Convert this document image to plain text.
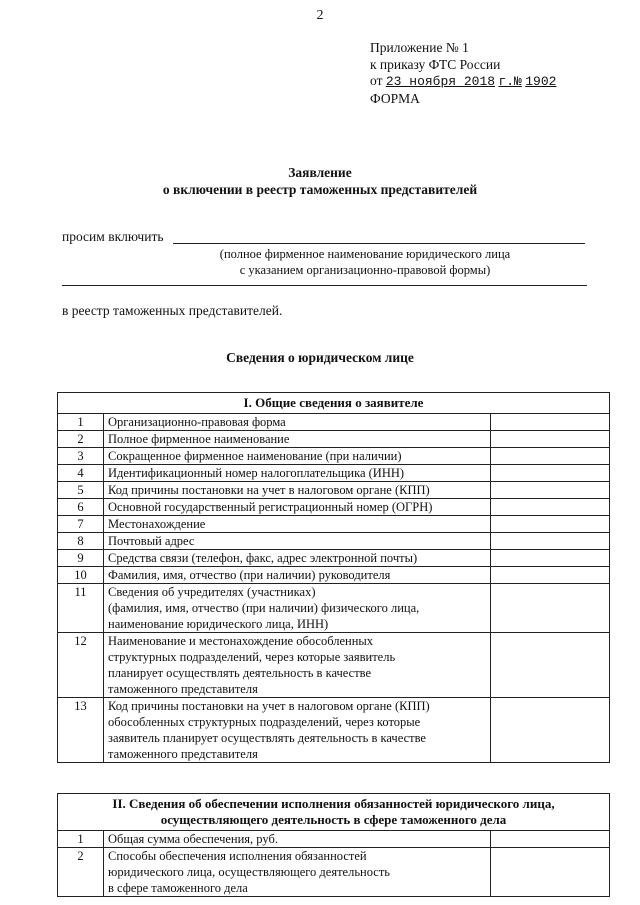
2
Приложение № 1
к приказу ФТС России
от 23 ноября 2018 г.№ 1902
ФОРМА
Заявление
о включении в реестр таможенных представителей
просим включить
(полное фирменное наименование юридического лица
с указанием организационно-правовой формы)
в реестр таможенных представителей.
Сведения о юридическом лице
I. Общие сведения о заявителе		
1	Организационно-правовая форма	

2	Полное фирменное наименование	

3	Сокращенное фирменное наименование (при наличии)	

4	Идентификационный номер налогоплательщика (ИНН)	

5	Код причины постановки на учет в налоговом органе (КПП)	

6	Основной государственный регистрационный номер (ОГРН)	

7	Местонахождение	

8	Почтовый адрес	

9	Средства связи (телефон, факс, адрес электронной почты)	

10	Фамилия, имя, отчество (при наличии) руководителя	

11	Сведения об учредителях (участниках)
(фамилия, имя, отчество (при наличии) физического лица,
наименование юридического лица, ИНН)	

12	Наименование и местонахождение обособленных
структурных подразделений, через которые заявитель
планирует осуществлять деятельность в качестве
таможенного представителя	

13	Код причины постановки на учет в налоговом органе (КПП)
обособленных структурных подразделений, через которые
заявитель планирует осуществлять деятельность в качестве
таможенного представителя	

II. Сведения об обеспечении исполнения обязанностей юридического лица,
осуществляющего деятельность в сфере таможенного дела		

1	Общая сумма обеспечения, руб.	

2	Способы обеспечения исполнения обязанностей
юридического лица, осуществляющего деятельность
в сфере таможенного дела	
